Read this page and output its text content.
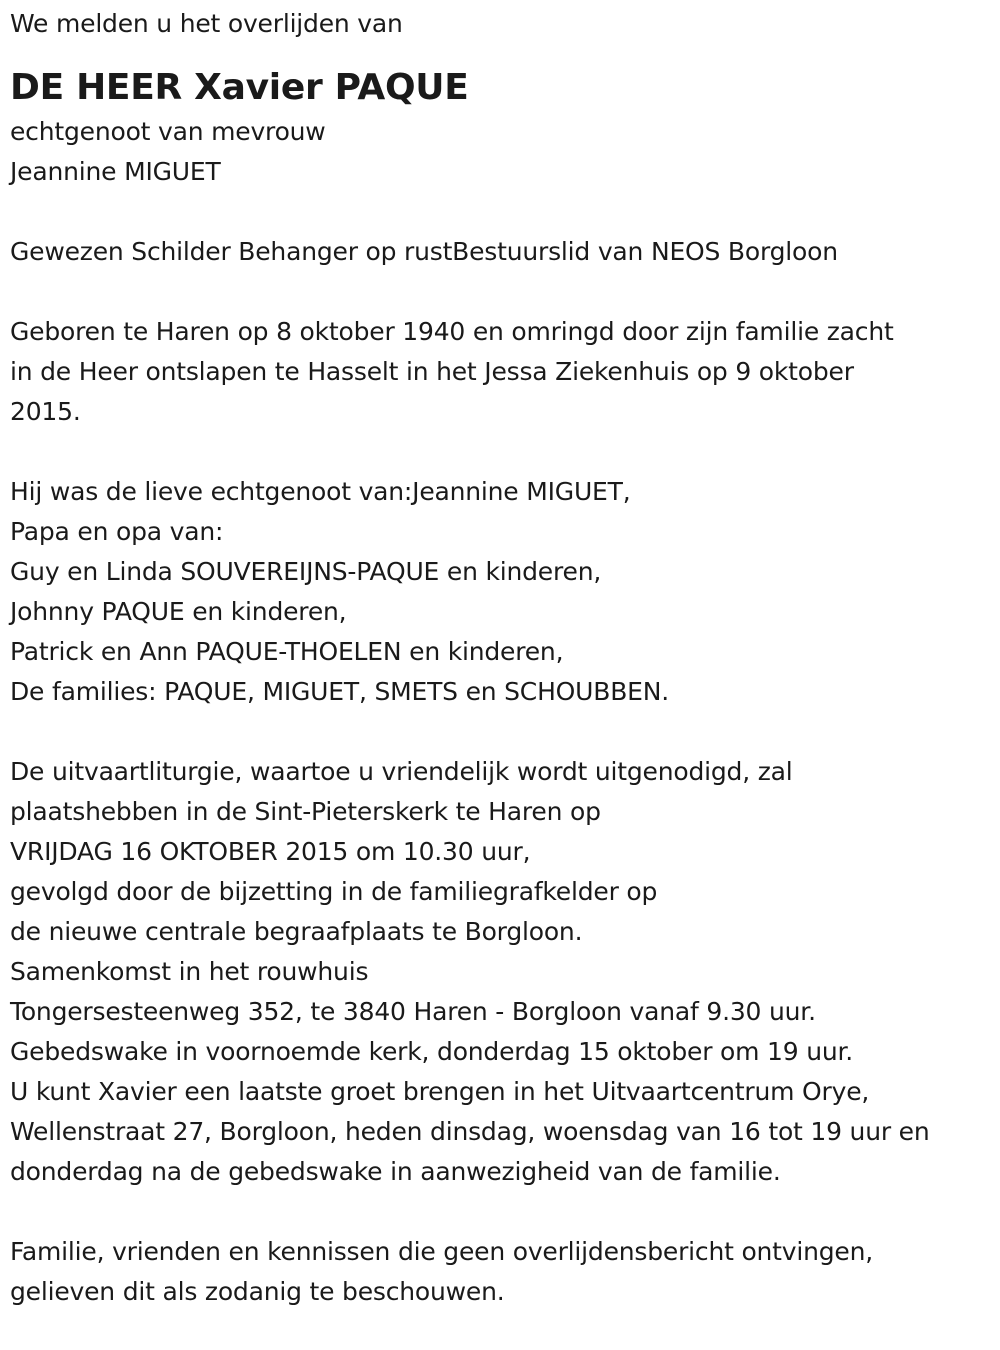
We melden u het overlijden van
DE HEER Xavier PAQUE
echtgenoot van mevrouw
Jeannine MIGUET
Gewezen Schilder Behanger op rustBestuurslid van NEOS Borgloon
Geboren te Haren op 8 oktober 1940 en omringd door zijn familie zacht
in de Heer ontslapen te Hasselt in het Jessa Ziekenhuis op 9 oktober
2015.
Hij was de lieve echtgenoot van:Jeannine MIGUET,
Papa en opa van:
Guy en Linda SOUVEREIJNS-PAQUE en kinderen,
Johnny PAQUE en kinderen,
Patrick en Ann PAQUE-THOELEN en kinderen,
De families: PAQUE, MIGUET, SMETS en SCHOUBBEN.
De uitvaartliturgie, waartoe u vriendelijk wordt uitgenodigd, zal
plaatshebben in de Sint-Pieterskerk te Haren op
VRIJDAG 16 OKTOBER 2015 om 10.30 uur,
gevolgd door de bijzetting in de familiegrafkelder op
de nieuwe centrale begraafplaats te Borgloon.
Samenkomst in het rouwhuis
Tongersesteenweg 352, te 3840 Haren - Borgloon vanaf 9.30 uur.
Gebedswake in voornoemde kerk, donderdag 15 oktober om 19 uur.
U kunt Xavier een laatste groet brengen in het Uitvaartcentrum Orye,
Wellenstraat 27, Borgloon, heden dinsdag, woensdag van 16 tot 19 uur en
donderdag na de gebedswake in aanwezigheid van de familie.
Familie, vrienden en kennissen die geen overlijdensbericht ontvingen,
gelieven dit als zodanig te beschouwen.
